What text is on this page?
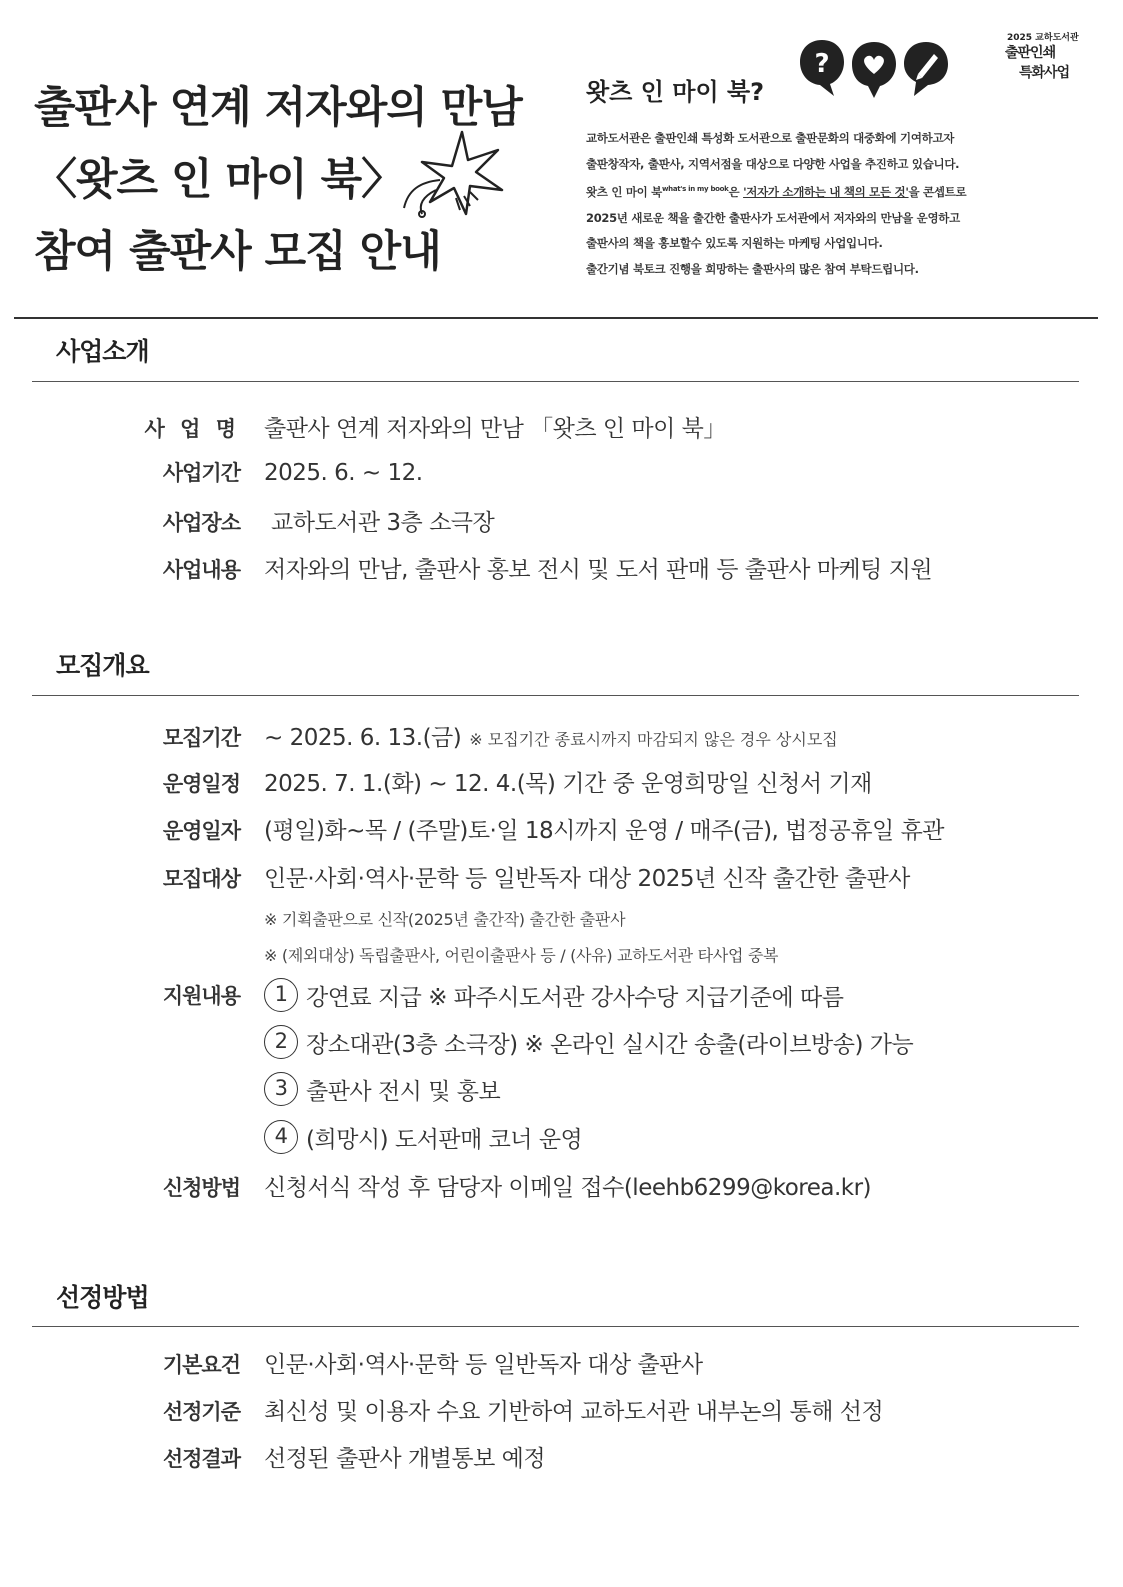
출판사 연계 저자와의 만남
〈왓츠 인 마이 북〉
참여 출판사 모집 안내
왓츠 인 마이 북?
?
2025 교하도서관
출판인쇄
특화사업
교하도서관은 출판인쇄 특성화 도서관으로 출판문화의 대중화에 기여하고자
출판창작자, 출판사, 지역서점을 대상으로 다양한 사업을 추진하고 있습니다.
왓츠 인 마이 북$^{what's in my book}$은 '저자가 소개하는 내 책의 모든 것'을 콘셉트로
2025년 새로운 책을 출간한 출판사가 도서관에서 저자와의 만남을 운영하고
출판사의 책을 홍보할수 있도록 지원하는 마케팅 사업입니다.
출간기념 북토크 진행을 희망하는 출판사의 많은 참여 부탁드립니다.
사업소개
사 업 명 출판사 연계 저자와의 만남 「왓츠 인 마이 북」
사업기간 2025. 6. ~ 12.
사업장소 교하도서관 3층 소극장
사업내용 저자와의 만남, 출판사 홍보 전시 및 도서 판매 등 출판사 마케팅 지원
모집개요
모집기간 ~ 2025. 6. 13.(금) ※ 모집기간 종료시까지 마감되지 않은 경우 상시모집
운영일정 2025. 7. 1.(화) ~ 12. 4.(목) 기간 중 운영희망일 신청서 기재
운영일자 (평일)화~목 / (주말)토·일 18시까지 운영 / 매주(금), 법정공휴일 휴관
모집대상 인문·사회·역사·문학 등 일반독자 대상 2025년 신작 출간한 출판사
※ 기획출판으로 신작(2025년 출간작) 출간한 출판사
※ (제외대상) 독립출판사, 어린이출판사 등 / (사유) 교하도서관 타사업 중복
지원내용	1 강연료 지급 ※ 파주시도서관 강사수당 지급기준에 따름
2 장소대관(3층 소극장) ※ 온라인 실시간 송출(라이브방송) 가능
3 출판사 전시 및 홍보
4 (희망시) 도서판매 코너 운영
신청방법 신청서식 작성 후 담당자 이메일 접수(leehb6299@korea.kr)
선정방법
기본요건 인문·사회·역사·문학 등 일반독자 대상 출판사
선정기준 최신성 및 이용자 수요 기반하여 교하도서관 내부논의 통해 선정
선정결과 선정된 출판사 개별통보 예정
